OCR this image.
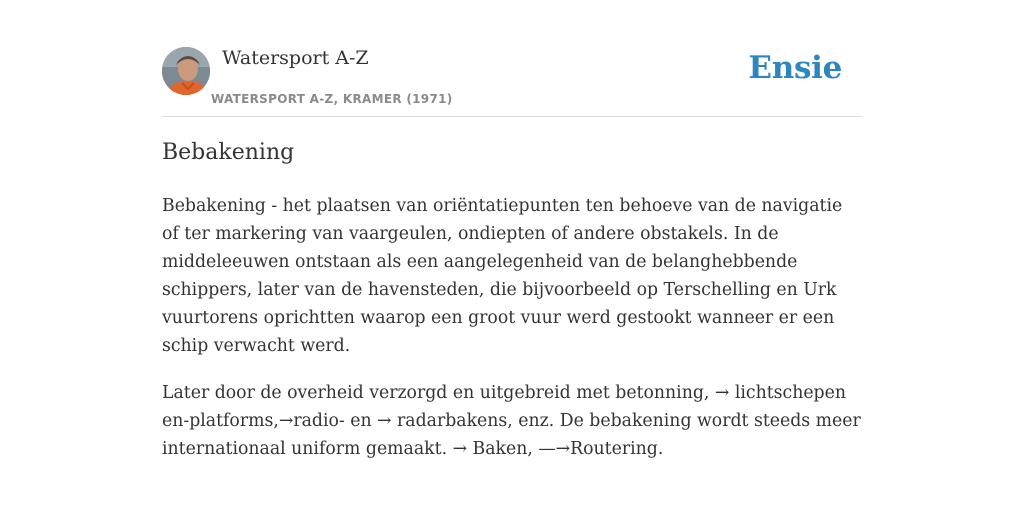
Watersport A-Z
WATERSPORT A-Z, KRAMER (1971)
Ensie
Bebakening

Bebakening - het plaatsen van oriëntatiepunten ten behoeve van de navigatie of ter markering van vaargeulen, ondiepten of andere obstakels. In de middeleeuwen ontstaan als een aangelegenheid van de belanghebbende schippers, later van de havensteden, die bijvoorbeeld op Terschelling en Urk vuurtorens oprichtten waarop een groot vuur werd gestookt wanneer er een schip verwacht werd.

Later door de overheid verzorgd en uitgebreid met betonning, → lichtschepen en-platforms,→radio- en → radarbakens, enz. De bebakening wordt steeds meer internationaal uniform gemaakt. → Baken, —→Routering.
